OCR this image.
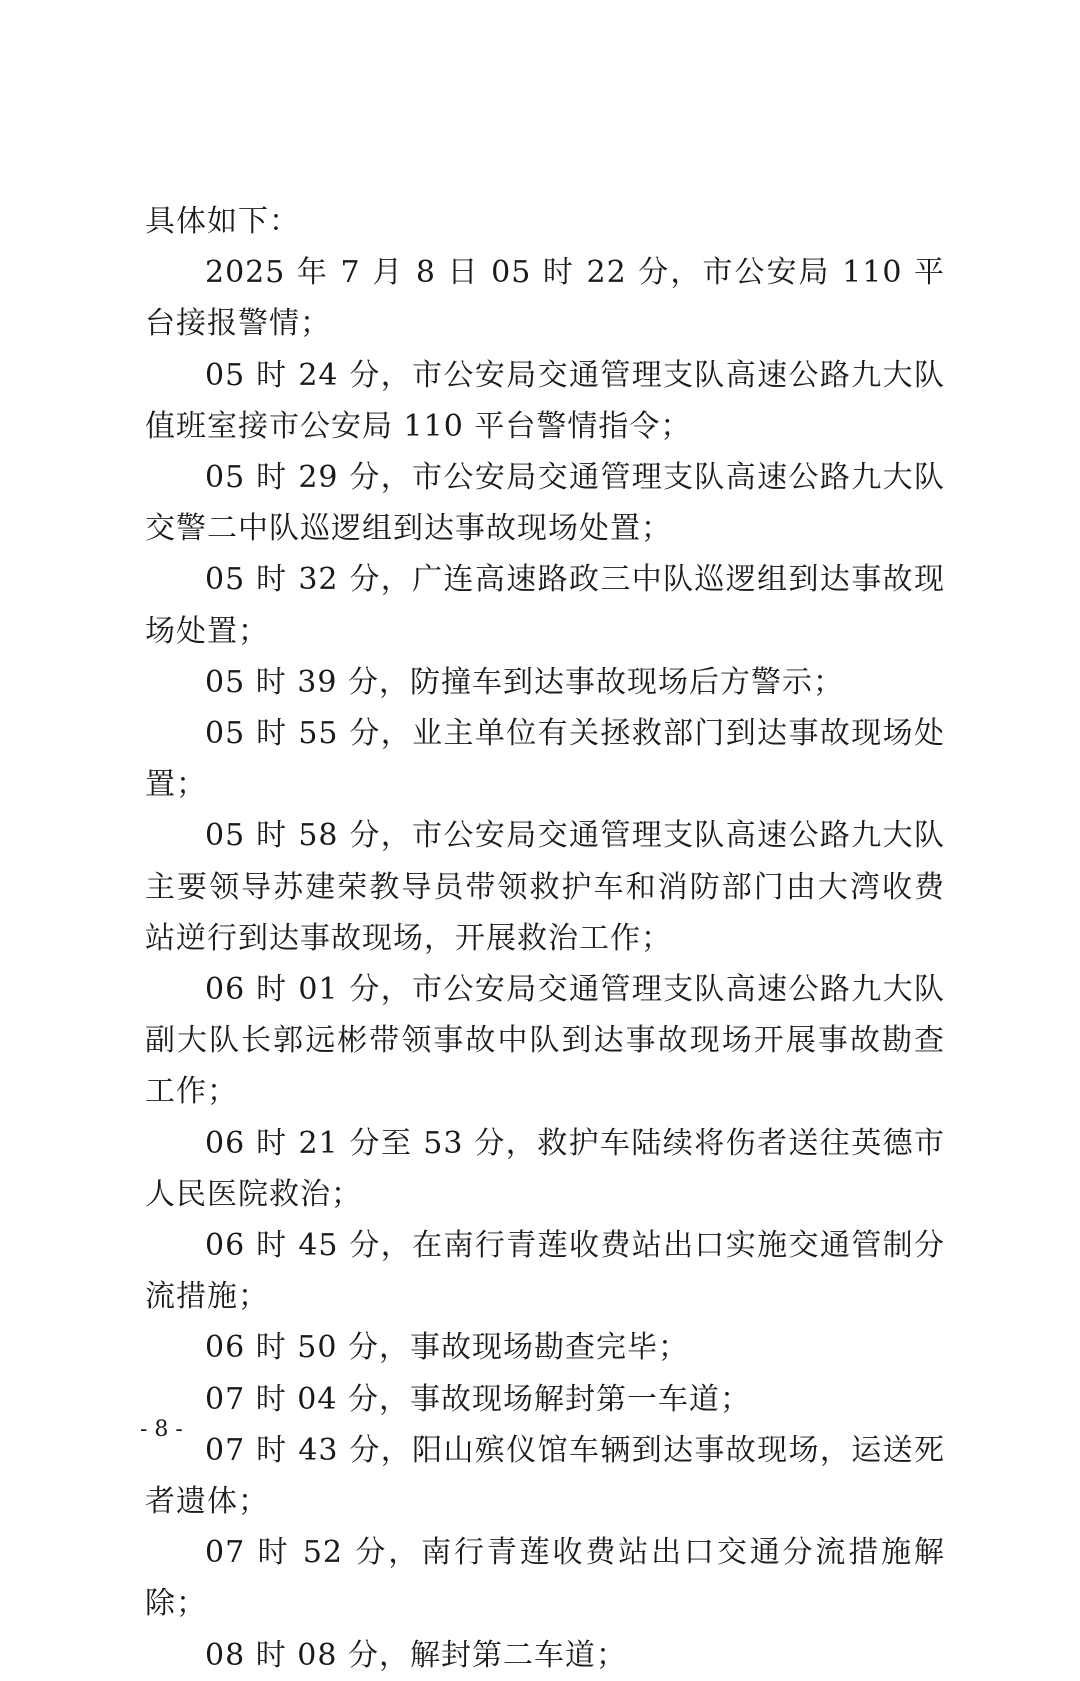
具体如下：

2025 年 7 月 8 日 05 时 22 分，市公安局 110 平台接报警情；

05 时 24 分，市公安局交通管理支队高速公路九大队值班室接市公安局 110 平台警情指令；

05 时 29 分，市公安局交通管理支队高速公路九大队交警二中队巡逻组到达事故现场处置；

05 时 32 分，广连高速路政三中队巡逻组到达事故现场处置；

05 时 39 分，防撞车到达事故现场后方警示；

05 时 55 分，业主单位有关拯救部门到达事故现场处置；

05 时 58 分，市公安局交通管理支队高速公路九大队主要领导苏建荣教导员带领救护车和消防部门由大湾收费站逆行到达事故现场，开展救治工作；

06 时 01 分，市公安局交通管理支队高速公路九大队副大队长郭远彬带领事故中队到达事故现场开展事故勘查工作；

06 时 21 分至 53 分，救护车陆续将伤者送往英德市人民医院救治；

06 时 45 分，在南行青莲收费站出口实施交通管制分流措施；

06 时 50 分，事故现场勘查完毕；

07 时 04 分，事故现场解封第一车道；

07 时 43 分，阳山殡仪馆车辆到达事故现场，运送死者遗体；

07 时 52 分，南行青莲收费站出口交通分流措施解除；

08 时 08 分，解封第二车道；

- 8 -
